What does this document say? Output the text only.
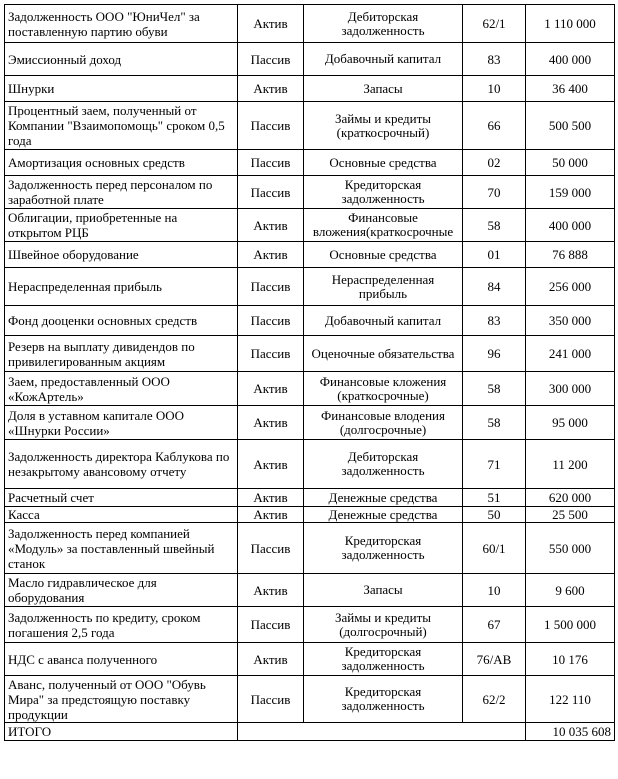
Задолженность ООО "ЮниЧел" за поставленную партию обуви	Актив	Дебиторская задолженность	62/1	1 110 000
Эмиссионный доход	Пассив	Добавочный капитал	83	400 000
Шнурки	Актив	Запасы	10	36 400
Процентный заем, полученный от Компании "Взаимопомощь" сроком 0,5 года	Пассив	Займы и кредиты (краткосрочный)	66	500 500
Амортизация основных средств	Пассив	Основные средства	02	50 000
Задолженность перед персоналом по заработной плате	Пассив	Кредиторская задолженность	70	159 000
Облигации, приобретенные на открытом РЦБ	Актив	Финансовые вложения(краткосрочные	58	400 000
Швейное оборудование	Актив	Основные средства	01	76 888
Нераспределенная прибыль	Пассив	Нераспределенная прибыль	84	256 000
Фонд дооценки основных средств	Пассив	Добавочный капитал	83	350 000
Резерв на выплату дивидендов по привилегированным акциям	Пассив	Оценочные обязательства	96	241 000
Заем, предоставленный ООО «КожАртель»	Актив	Финансовые кложения (краткосрочные)	58	300 000
Доля в уставном капитале ООО «Шнурки России»	Актив	Финансовые влодения (долгосрочные)	58	95 000
Задолженность директора Каблукова по незакрытому авансовому отчету	Актив	Дебиторская задолженность	71	11 200
Расчетный счет	Актив	Денежные средства	51	620 000
Касса	Актив	Денежные средства	50	25 500
Задолженность перед компанией «Модуль» за поставленный швейный станок	Пассив	Кредиторская задолженность	60/1	550 000
Масло гидравлическое для оборудования	Актив	Запасы	10	9 600
Задолженность по кредиту, сроком погашения 2,5 года	Пассив	Займы и кредиты (долгосрочный)	67	1 500 000
НДС с аванса полученного	Актив	Кредиторская задолженность	76/АВ	10 176
Аванс, полученный от ООО "Обувь Мира" за предстоящую поставку продукции	Пассив	Кредиторская задолженность	62/2	122 110
ИТОГО				10 035 608
